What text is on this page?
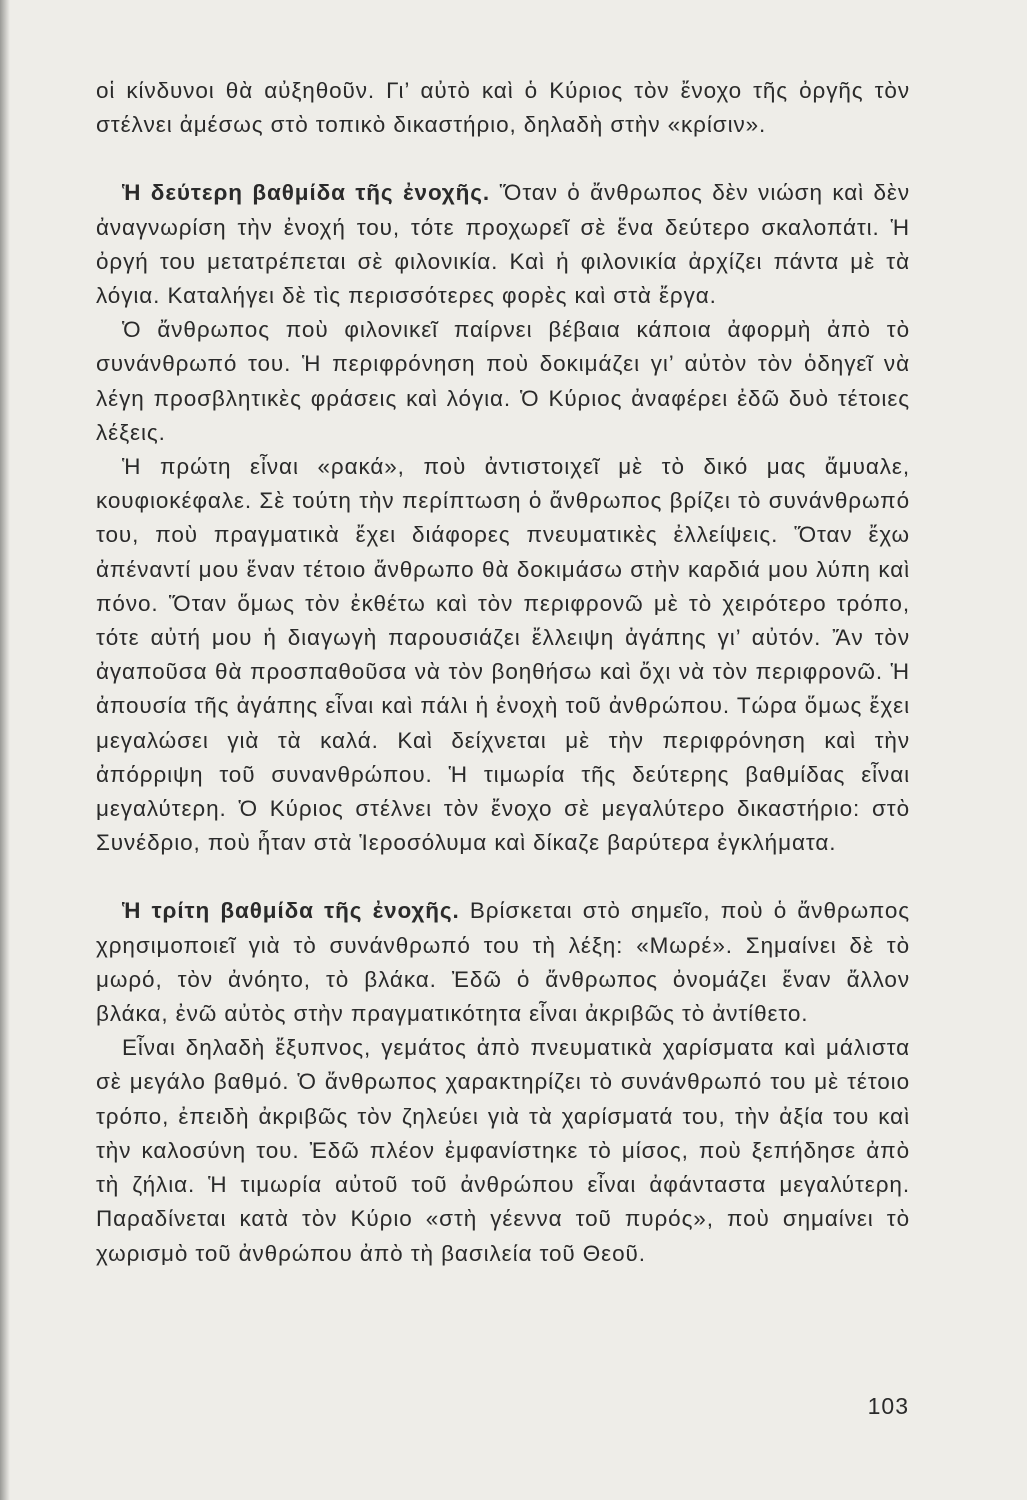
οἱ κίνδυνοι θὰ αὐξηθοῦν. Γι’ αὐτὸ καὶ ὁ Κύριος τὸν ἔνοχο τῆς ὀργῆς τὸν στέλνει ἀμέσως στὸ τοπικὸ δικαστήριο, δηλαδὴ στὴν «κρίσιν».

Ἡ δεύτερη βαθμίδα τῆς ἐνοχῆς. Ὅταν ὁ ἄνθρωπος δὲν νιώση καὶ δὲν ἀναγνωρίση τὴν ἐνοχή του, τότε προχωρεῖ σὲ ἕνα δεύτερο σκαλοπάτι. Ἡ ὀργή του μετατρέπεται σὲ φιλονικία. Καὶ ἡ φιλονικία ἀρχίζει πάντα μὲ τὰ λόγια. Καταλήγει δὲ τὶς περισσότερες φορὲς καὶ στὰ ἔργα.

Ὁ ἄνθρωπος ποὺ φιλονικεῖ παίρνει βέβαια κάποια ἀφορμὴ ἀπὸ τὸ συνάνθρωπό του. Ἡ περιφρόνηση ποὺ δοκιμάζει γι’ αὐτὸν τὸν ὁδηγεῖ νὰ λέγη προσβλητικὲς φράσεις καὶ λόγια. Ὁ Κύριος ἀναφέρει ἐδῶ δυὸ τέτοιες λέξεις.

Ἡ πρώτη εἶναι «ρακά», ποὺ ἀντιστοιχεῖ μὲ τὸ δικό μας ἄμυαλε, κουφιοκέφαλε. Σὲ τούτη τὴν περίπτωση ὁ ἄνθρωπος βρίζει τὸ συνάνθρωπό του, ποὺ πραγματικὰ ἔχει διάφορες πνευματικὲς ἐλλείψεις. Ὅταν ἔχω ἀπέναντί μου ἕναν τέτοιο ἄνθρωπο θὰ δοκιμάσω στὴν καρδιά μου λύπη καὶ πόνο. Ὅταν ὅμως τὸν ἐκθέτω καὶ τὸν περιφρονῶ μὲ τὸ χειρότερο τρόπο, τότε αὐτή μου ἡ διαγωγὴ παρουσιάζει ἔλλειψη ἀγάπης γι’ αὐτόν. Ἄν τὸν ἀγαποῦσα θὰ προσπαθοῦσα νὰ τὸν βοηθήσω καὶ ὄχι νὰ τὸν περιφρονῶ. Ἡ ἀπουσία τῆς ἀγάπης εἶναι καὶ πάλι ἡ ἐνοχὴ τοῦ ἀνθρώπου. Τώρα ὅμως ἔχει μεγαλώσει γιὰ τὰ καλά. Καὶ δείχνεται μὲ τὴν περιφρόνηση καὶ τὴν ἀπόρριψη τοῦ συνανθρώπου. Ἡ τιμωρία τῆς δεύτερης βαθμίδας εἶναι μεγαλύτερη. Ὁ Κύριος στέλνει τὸν ἔνοχο σὲ μεγαλύτερο δικαστήριο: στὸ Συνέδριο, ποὺ ἦταν στὰ Ἱεροσόλυμα καὶ δίκαζε βαρύτερα ἐγκλήματα.

Ἡ τρίτη βαθμίδα τῆς ἐνοχῆς. Βρίσκεται στὸ σημεῖο, ποὺ ὁ ἄνθρωπος χρησιμοποιεῖ γιὰ τὸ συνάνθρωπό του τὴ λέξη: «Μωρέ». Σημαίνει δὲ τὸ μωρό, τὸν ἀνόητο, τὸ βλάκα. Ἐδῶ ὁ ἄνθρωπος ὀνομάζει ἕναν ἄλλον βλάκα, ἐνῶ αὐτὸς στὴν πραγματικότητα εἶναι ἀκριβῶς τὸ ἀντίθετο.

Εἶναι δηλαδὴ ἔξυπνος, γεμάτος ἀπὸ πνευματικὰ χαρίσματα καὶ μάλιστα σὲ μεγάλο βαθμό. Ὁ ἄνθρωπος χαρακτηρίζει τὸ συνάνθρωπό του μὲ τέτοιο τρόπο, ἐπειδὴ ἀκριβῶς τὸν ζηλεύει γιὰ τὰ χαρίσματά του, τὴν ἀξία του καὶ τὴν καλοσύνη του. Ἐδῶ πλέον ἐμφανίστηκε τὸ μίσος, ποὺ ξεπήδησε ἀπὸ τὴ ζήλια. Ἡ τιμωρία αὐτοῦ τοῦ ἀνθρώπου εἶναι ἀφάνταστα μεγαλύτερη. Παραδίνεται κατὰ τὸν Κύριο «στὴ γέεννα τοῦ πυρός», ποὺ σημαίνει τὸ χωρισμὸ τοῦ ἀνθρώπου ἀπὸ τὴ βασιλεία τοῦ Θεοῦ.

103
